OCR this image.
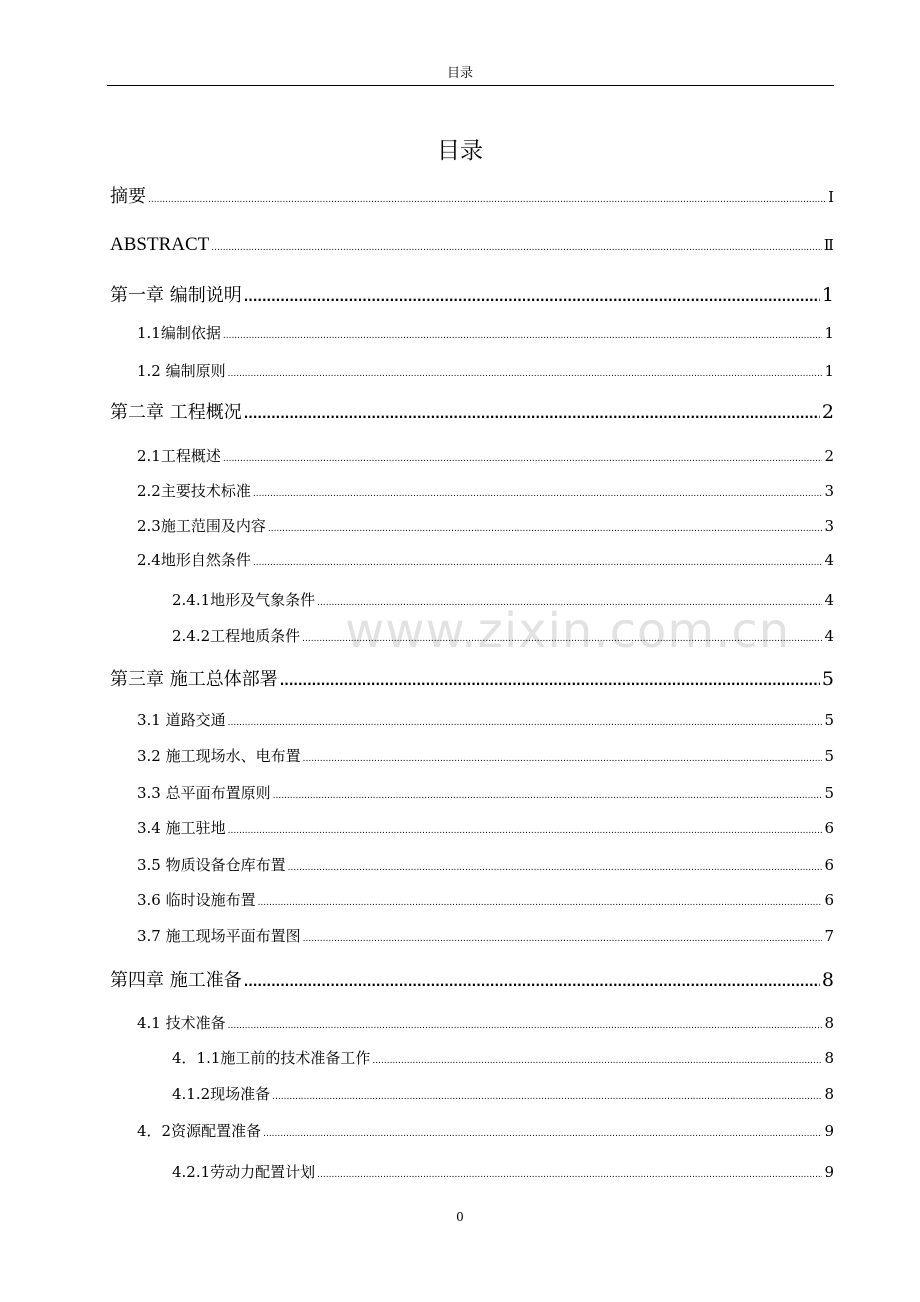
目录
目录
www.zixin.com.cn
摘要 .....	Ⅰ
ABSTRACT .....	Ⅱ
第一章 编制说明 .....	1
1.1编制依据 .....	1
1.2 编制原则 .....	1
第二章 工程概况 .....	2
2.1工程概述 .....	2
2.2主要技术标准 .....	3
2.3施工范围及内容 .....	3
2.4地形自然条件 .....	4
2.4.1地形及气象条件 .....	4
2.4.2工程地质条件 .....	4
第三章 施工总体部署 .....	5
3.1 道路交通 .....	5
3.2 施工现场水、电布置 .....	5
3.3 总平面布置原则 .....	5
3.4 施工驻地 .....	6
3.5 物质设备仓库布置 .....	6
3.6 临时设施布置 .....	6
3.7 施工现场平面布置图 .....	7
第四章 施工准备 .....	8
4.1 技术准备 .....	8
4．1.1施工前的技术准备工作 .....	8
4.1.2现场准备 .....	8
4．2资源配置准备 .....	9
4.2.1劳动力配置计划 .....	9
0
